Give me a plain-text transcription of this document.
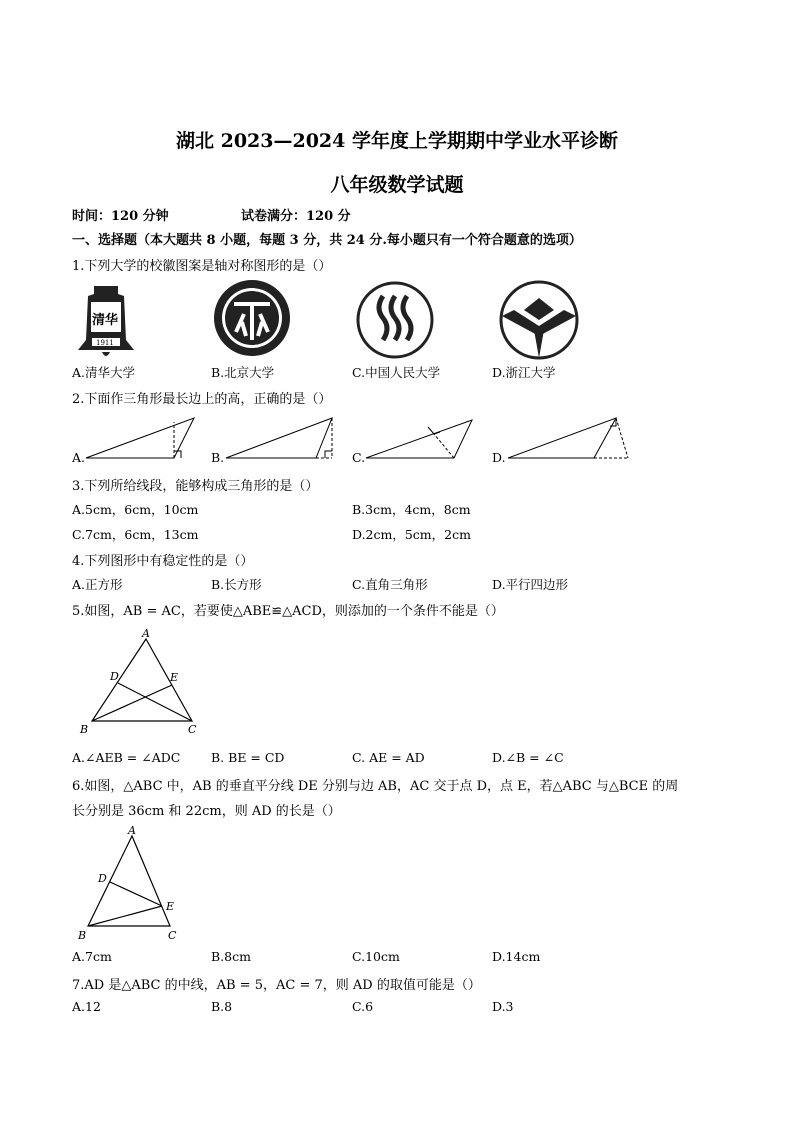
湖北 2023—2024 学年度上学期期中学业水平诊断
八年级数学试题
时间：120 分钟	试卷满分：120 分
一、选择题（本大题共 8 小题，每题 3 分，共 24 分.每小题只有一个符合题意的选项）
1.下列大学的校徽图案是轴对称图形的是（）
清华
1911
A.清华大学	B.北京大学	C.中国人民大学	D.浙江大学
2.下面作三角形最长边上的高，正确的是（）
A.	B.	C.	D.
3.下列所给线段，能够构成三角形的是（）
A.5cm，6cm，10cm	B.3cm，4cm，8cm
C.7cm，6cm，13cm	D.2cm，5cm，2cm
4.下列图形中有稳定性的是（）
A.正方形	B.长方形	C.直角三角形	D.平行四边形
5.如图，AB = AC，若要使△ABE≌△ACD，则添加的一个条件不能是（）
A
D	E
B	C
A.∠AEB = ∠ADC B. BE = CD	C. AE = AD	D.∠B = ∠C
6.如图，△ABC 中，AB 的垂直平分线 DE 分别与边 AB，AC 交于点 D，点 E，若△ABC 与△BCE 的周
长分别是 36cm 和 22cm，则 AD 的长是（）
A
D
E
B	C
A.7cm	B.8cm	C.10cm	D.14cm
7.AD 是△ABC 的中线，AB = 5，AC = 7，则 AD 的取值可能是（）
A.12	B.8	C.6	D.3
